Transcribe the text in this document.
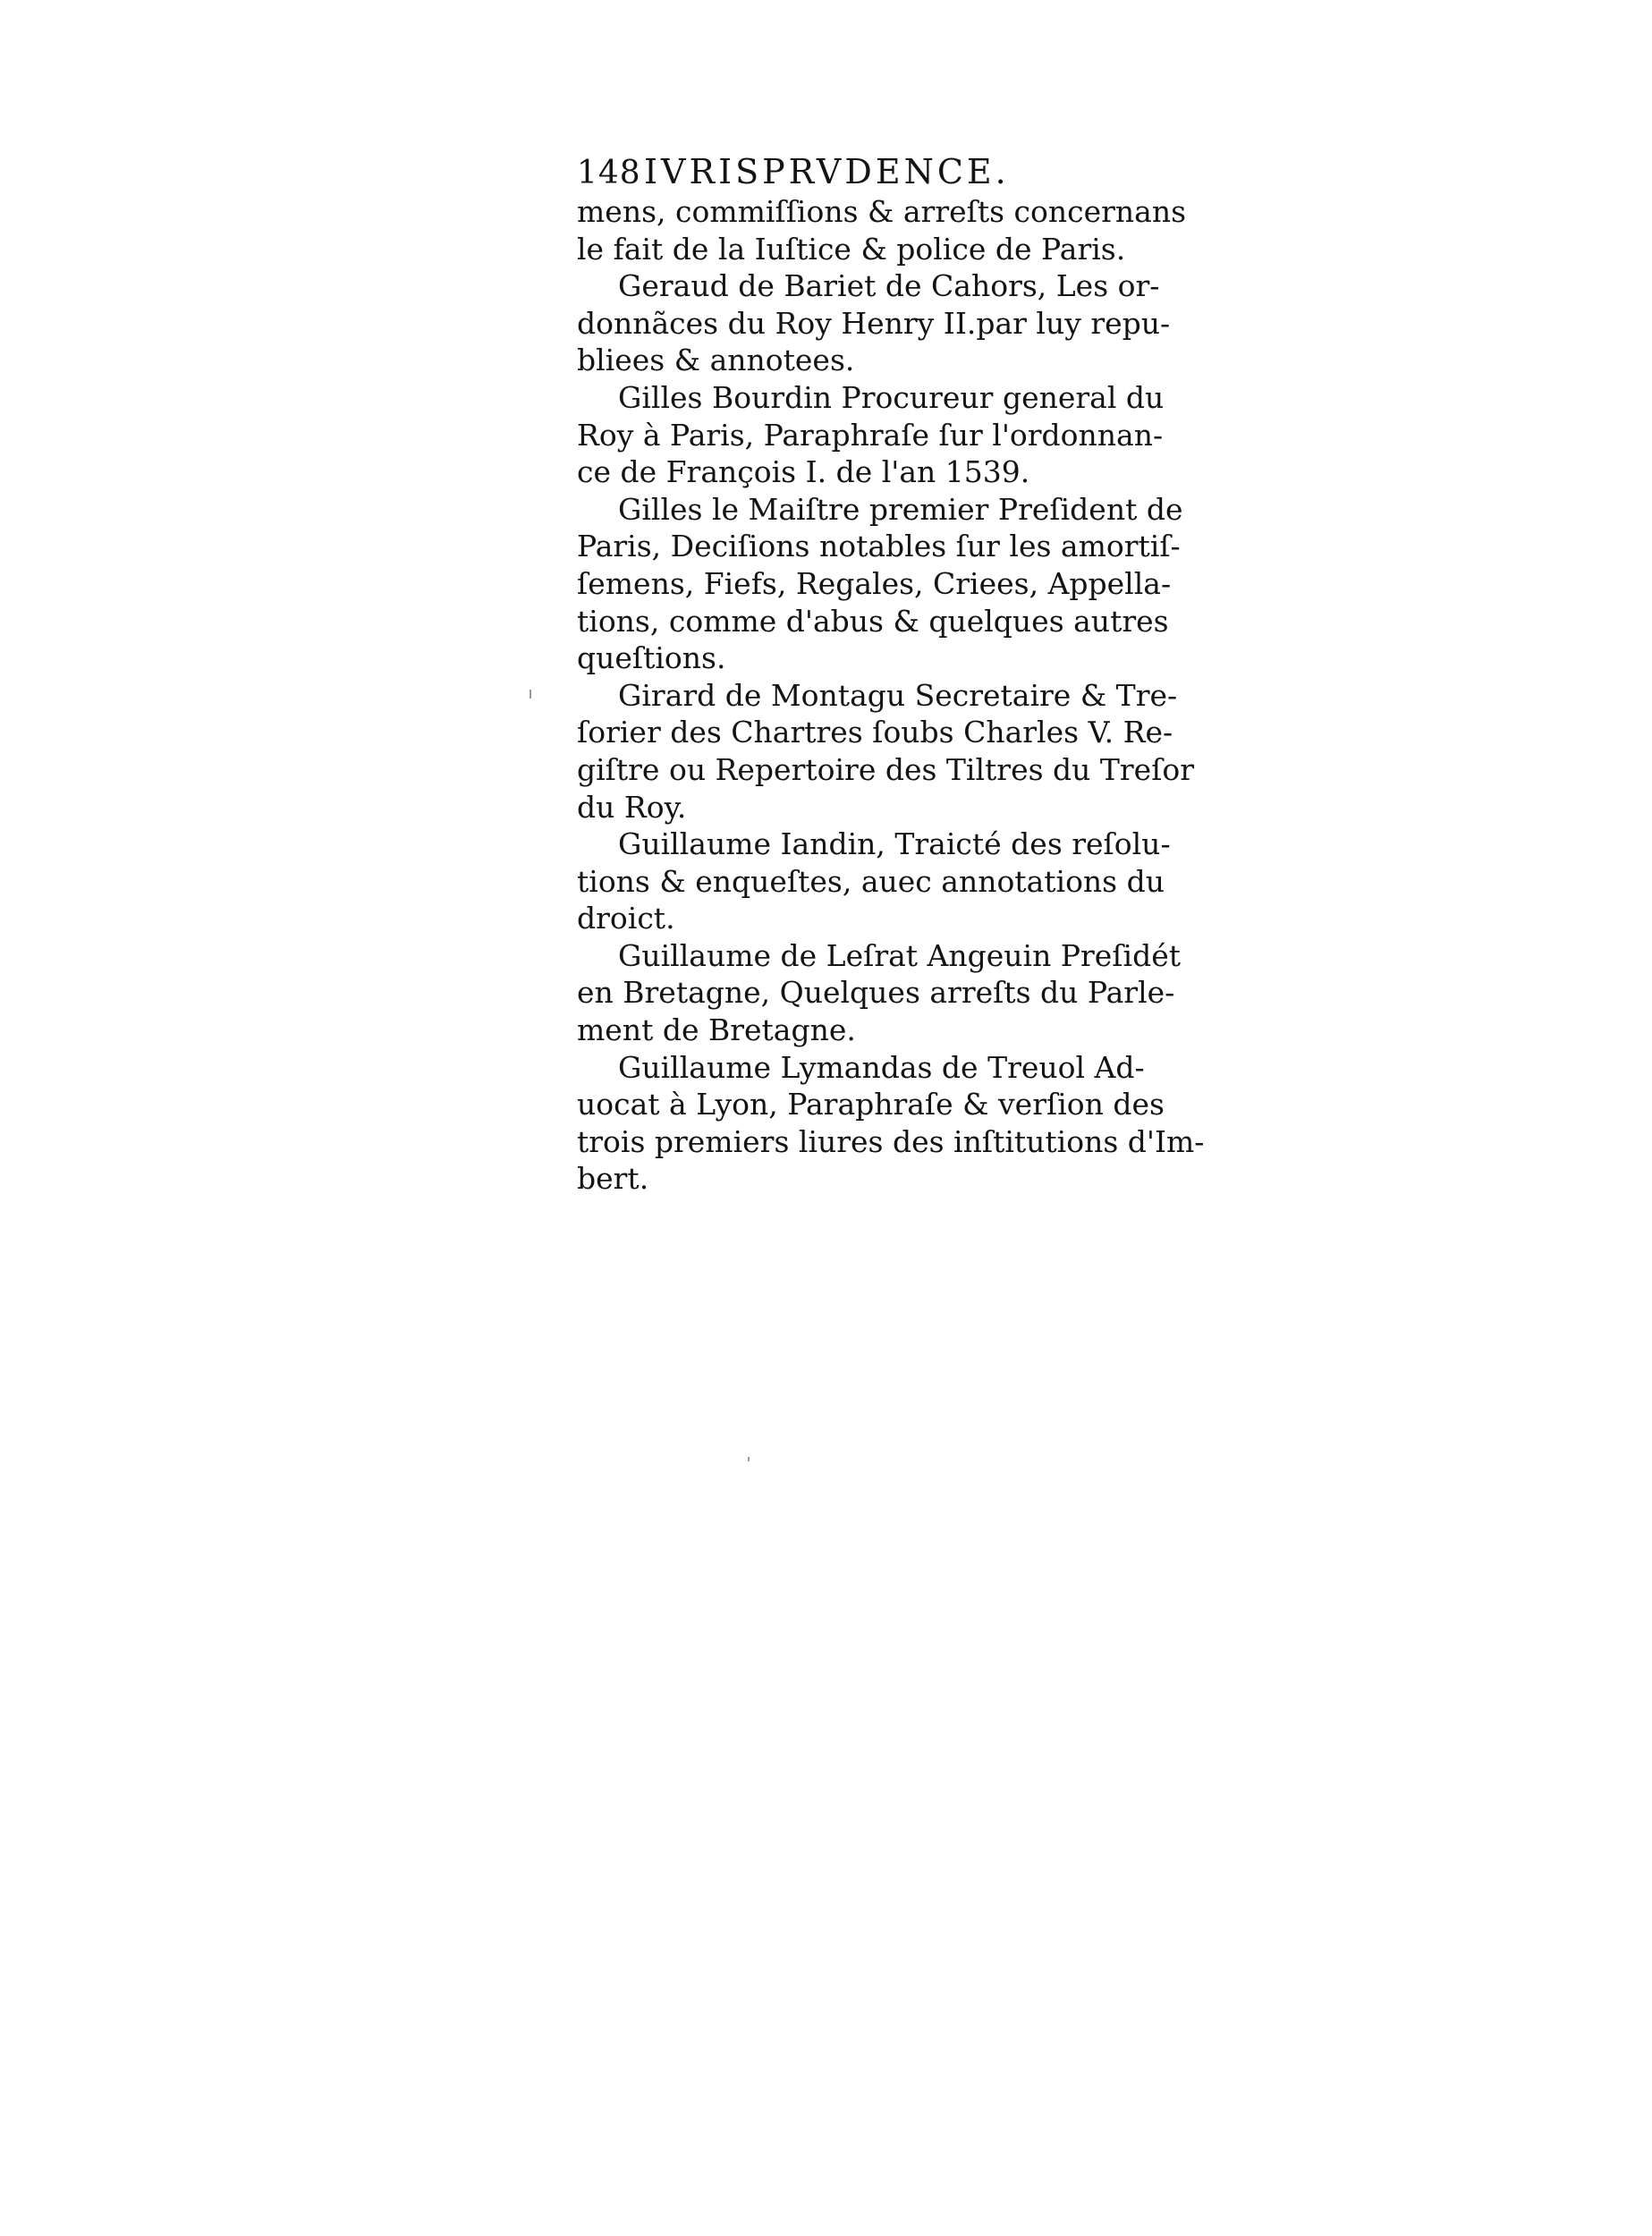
148 IVRISPRVDENCE.
mens, commiſſions & arreſts concernans
le fait de la Iuſtice & police de Paris.
Geraud de Bariet de Cahors, Les or-
donnãces du Roy Henry II.par luy repu-
bliees & annotees.
Gilles Bourdin Procureur general du
Roy à Paris, Paraphraſe ſur l'ordonnan-
ce de François I. de l'an 1539.
Gilles le Maiſtre premier Preſident de
Paris, Deciſions notables ſur les amortiſ-
ſemens, Fiefs, Regales, Criees, Appella-
tions, comme d'abus & quelques autres
queſtions.
Girard de Montagu Secretaire & Tre-
ſorier des Chartres ſoubs Charles V. Re-
giſtre ou Repertoire des Tiltres du Treſor
du Roy.
Guillaume Iandin, Traicté des reſolu-
tions & enqueſtes, auec annotations du
droict.
Guillaume de Leſrat Angeuin Preſidét
en Bretagne, Quelques arreſts du Parle-
ment de Bretagne.
Guillaume Lymandas de Treuol Ad-
uocat à Lyon, Paraphraſe & verſion des
trois premiers liures des inſtitutions d'Im-
bert.
